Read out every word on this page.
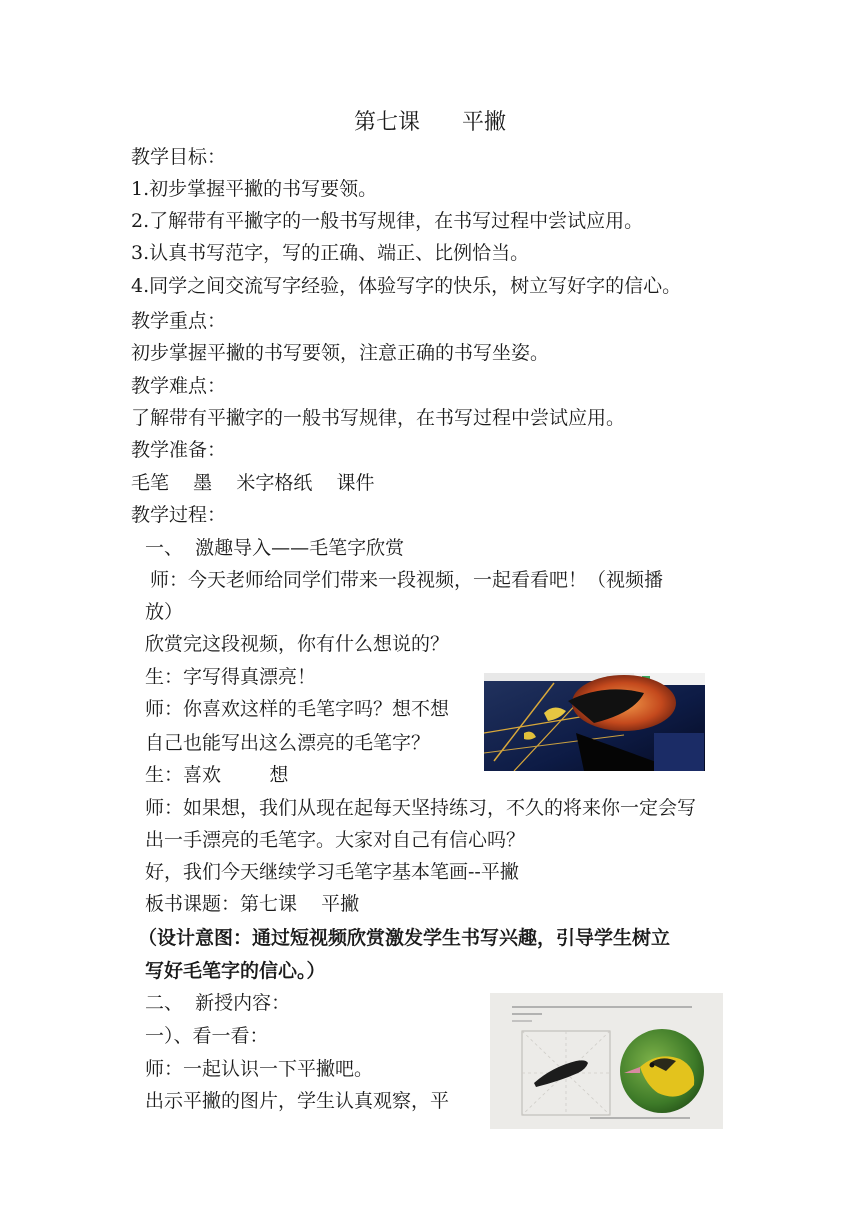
第七课      平撇
教学目标：
1.初步掌握平撇的书写要领。
2.了解带有平撇字的一般书写规律，在书写过程中尝试应用。
3.认真书写范字，写的正确、端正、比例恰当。
4.同学之间交流写字经验，体验写字的快乐，树立写好字的信心。
教学重点：
初步掌握平撇的书写要领，注意正确的书写坐姿。
教学难点：
了解带有平撇字的一般书写规律，在书写过程中尝试应用。
教学准备：
毛笔    墨    米字格纸    课件
教学过程：
一、  激趣导入——毛笔字欣赏
师：今天老师给同学们带来一段视频，一起看看吧！（视频播
放）
欣赏完这段视频，你有什么想说的？
生：字写得真漂亮！
师：你喜欢这样的毛笔字吗？想不想
自己也能写出这么漂亮的毛笔字？
生：喜欢        想
师：如果想，我们从现在起每天坚持练习，不久的将来你一定会写
出一手漂亮的毛笔字。大家对自己有信心吗？
好，我们今天继续学习毛笔字基本笔画--平撇
板书课题：第七课    平撇
（设计意图：通过短视频欣赏激发学生书写兴趣，引导学生树立
写好毛笔字的信心。）
二、  新授内容：
一）、看一看：
师：一起认识一下平撇吧。
出示平撇的图片，学生认真观察，平
